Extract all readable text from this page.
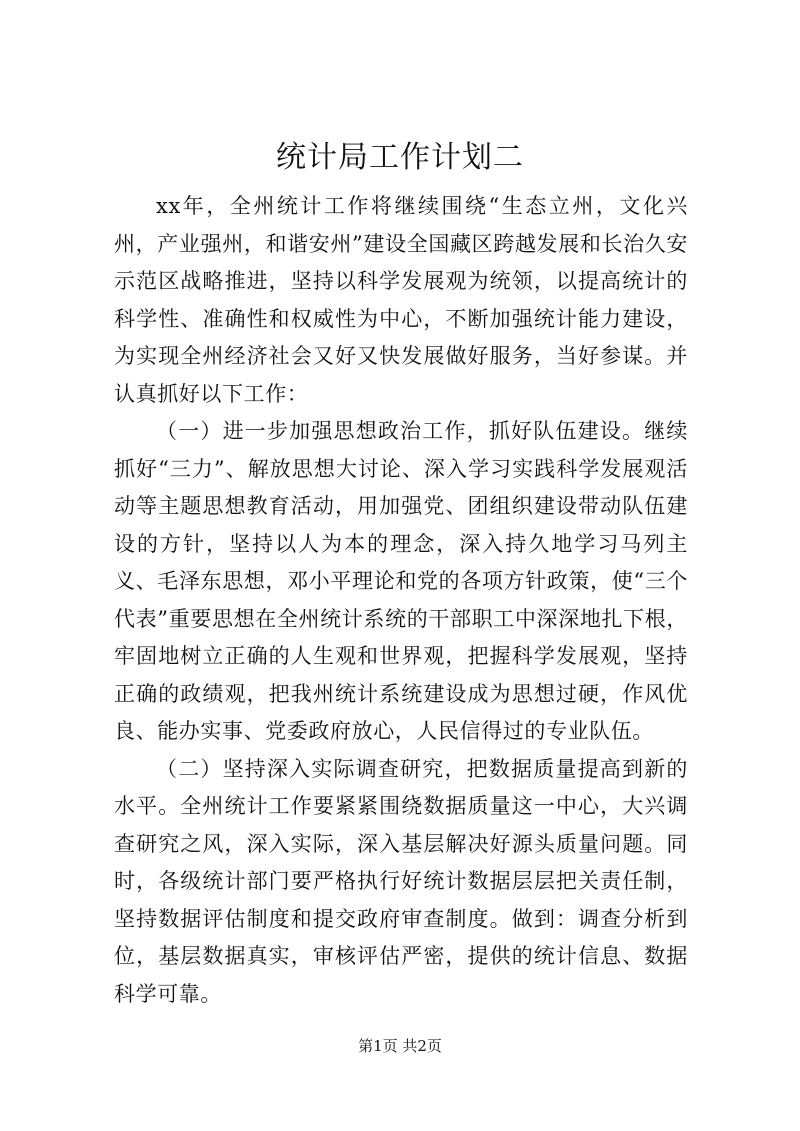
统计局工作计划二

xx年，全州统计工作将继续围绕“生态立州，文化兴州，产业强州，和谐安州”建设全国藏区跨越发展和长治久安示范区战略推进，坚持以科学发展观为统领，以提高统计的科学性、准确性和权威性为中心，不断加强统计能力建设，为实现全州经济社会又好又快发展做好服务，当好参谋。并认真抓好以下工作：

（一）进一步加强思想政治工作，抓好队伍建设。继续抓好“三力”、解放思想大讨论、深入学习实践科学发展观活动等主题思想教育活动，用加强党、团组织建设带动队伍建设的方针，坚持以人为本的理念，深入持久地学习马列主义、毛泽东思想，邓小平理论和党的各项方针政策，使“三个代表”重要思想在全州统计系统的干部职工中深深地扎下根，牢固地树立正确的人生观和世界观，把握科学发展观，坚持正确的政绩观，把我州统计系统建设成为思想过硬，作风优良、能办实事、党委政府放心，人民信得过的专业队伍。

（二）坚持深入实际调查研究，把数据质量提高到新的水平。全州统计工作要紧紧围绕数据质量这一中心，大兴调查研究之风，深入实际，深入基层解决好源头质量问题。同时，各级统计部门要严格执行好统计数据层层把关责任制，坚持数据评估制度和提交政府审查制度。做到：调查分析到位，基层数据真实，审核评估严密，提供的统计信息、数据科学可靠。

第1页 共2页
